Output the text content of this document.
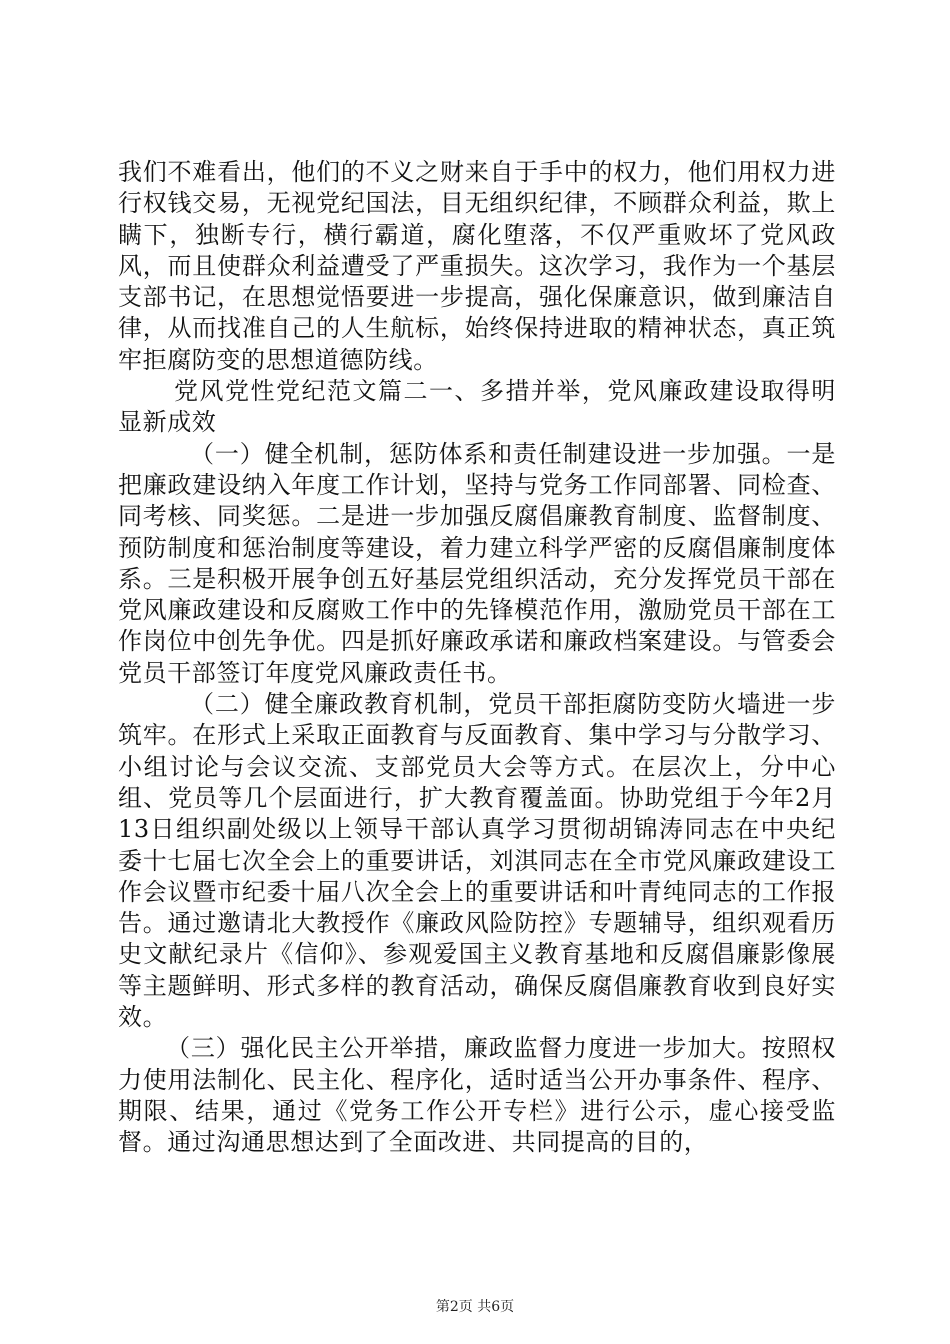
我们不难看出，他们的不义之财来自于手中的权力，他们用权力进行权钱交易，无视党纪国法，目无组织纪律，不顾群众利益，欺上瞒下，独断专行，横行霸道，腐化堕落，不仅严重败坏了党风政风，而且使群众利益遭受了严重损失。这次学习，我作为一个基层支部书记，在思想觉悟要进一步提高，强化保廉意识，做到廉洁自律，从而找准自己的人生航标，始终保持进取的精神状态，真正筑牢拒腐防变的思想道德防线。

党风党性党纪范文篇二一、多措并举，党风廉政建设取得明显新成效

（一）健全机制，惩防体系和责任制建设进一步加强。一是把廉政建设纳入年度工作计划，坚持与党务工作同部署、同检查、同考核、同奖惩。二是进一步加强反腐倡廉教育制度、监督制度、预防制度和惩治制度等建设，着力建立科学严密的反腐倡廉制度体系。三是积极开展争创五好基层党组织活动，充分发挥党员干部在党风廉政建设和反腐败工作中的先锋模范作用，激励党员干部在工作岗位中创先争优。四是抓好廉政承诺和廉政档案建设。与管委会党员干部签订年度党风廉政责任书。

（二）健全廉政教育机制，党员干部拒腐防变防火墙进一步筑牢。在形式上采取正面教育与反面教育、集中学习与分散学习、小组讨论与会议交流、支部党员大会等方式。在层次上，分中心组、党员等几个层面进行，扩大教育覆盖面。协助党组于今年2月13日组织副处级以上领导干部认真学习贯彻胡锦涛同志在中央纪委十七届七次全会上的重要讲话，刘淇同志在全市党风廉政建设工作会议暨市纪委十届八次全会上的重要讲话和叶青纯同志的工作报告。通过邀请北大教授作《廉政风险防控》专题辅导，组织观看历史文献纪录片《信仰》、参观爱国主义教育基地和反腐倡廉影像展等主题鲜明、形式多样的教育活动，确保反腐倡廉教育收到良好实效。

（三）强化民主公开举措，廉政监督力度进一步加大。按照权力使用法制化、民主化、程序化，适时适当公开办事条件、程序、期限、结果，通过《党务工作公开专栏》进行公示，虚心接受监督。通过沟通思想达到了全面改进、共同提高的目的，

第2页 共6页
